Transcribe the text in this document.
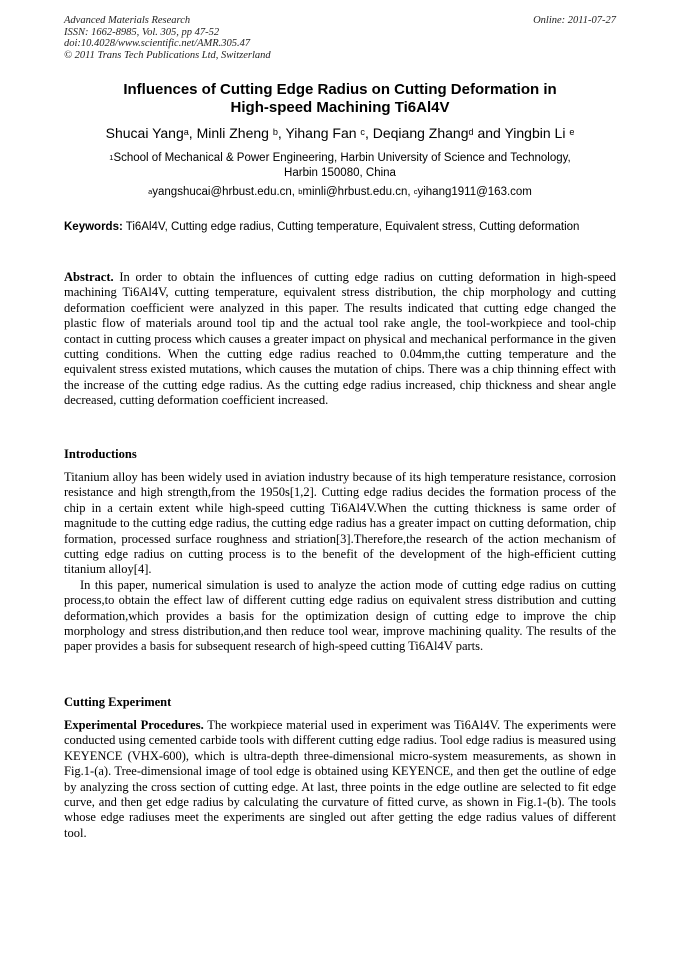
Advanced Materials Research
ISSN: 1662-8985, Vol. 305, pp 47-52
doi:10.4028/www.scientific.net/AMR.305.47
© 2011 Trans Tech Publications Ltd, Switzerland
Online: 2011-07-27
Influences of Cutting Edge Radius on Cutting Deformation in
High-speed Machining Ti6Al4V
Shucai Yang$^a$, Minli Zheng $^b$, Yihang Fan $^c$, Deqiang Zhang$^d$ and Yingbin Li $^e$
$^1$School of Mechanical & Power Engineering, Harbin University of Science and Technology,
Harbin 150080, China
$^a$yangshucai@hrbust.edu.cn, $^b$minli@hrbust.edu.cn, $^c$yihang1911@163.com
Keywords: Ti6Al4V, Cutting edge radius, Cutting temperature, Equivalent stress, Cutting deformation
Abstract. In order to obtain the influences of cutting edge radius on cutting deformation in high-speed machining Ti6Al4V, cutting temperature, equivalent stress distribution, the chip morphology and cutting deformation coefficient were analyzed in this paper. The results indicated that cutting edge changed the plastic flow of materials around tool tip and the actual tool rake angle, the tool-workpiece and tool-chip contact in cutting process which causes a greater impact on physical and mechanical performance in the given cutting conditions. When the cutting edge radius reached to 0.04mm,the cutting temperature and the equivalent stress existed mutations, which causes the mutation of chips. There was a chip thinning effect with the increase of the cutting edge radius. As the cutting edge radius increased, chip thickness and shear angle decreased, cutting deformation coefficient increased.
Introductions
Titanium alloy has been widely used in aviation industry because of its high temperature resistance, corrosion resistance and high strength,from the 1950s[1,2]. Cutting edge radius decides the formation process of the chip in a certain extent while high-speed cutting Ti6Al4V.When the cutting thickness is same order of magnitude to the cutting edge radius, the cutting edge radius has a greater impact on cutting deformation, chip formation, processed surface roughness and striation[3].Therefore,the research of the action mechanism of cutting edge radius on cutting process is to the benefit of the development of the high-efficient cutting titanium alloy[4].
In this paper, numerical simulation is used to analyze the action mode of cutting edge radius on cutting process,to obtain the effect law of different cutting edge radius on equivalent stress distribution and cutting deformation,which provides a basis for the optimization design of cutting edge to improve the chip morphology and stress distribution,and then reduce tool wear, improve machining quality. The results of the paper provides a basis for subsequent research of high-speed cutting Ti6Al4V parts.
Cutting Experiment
Experimental Procedures. The workpiece material used in experiment was Ti6Al4V. The experiments were conducted using cemented carbide tools with different cutting edge radius. Tool edge radius is measured using KEYENCE (VHX-600), which is ultra-depth three-dimensional micro-system measurements, as shown in Fig.1-(a). Tree-dimensional image of tool edge is obtained using KEYENCE, and then get the outline of edge by analyzing the cross section of cutting edge. At last, three points in the edge outline are selected to fit edge curve, and then get edge radius by calculating the curvature of fitted curve, as shown in Fig.1-(b). The tools whose edge radiuses meet the experiments are singled out after getting the edge radius values of different tool.
